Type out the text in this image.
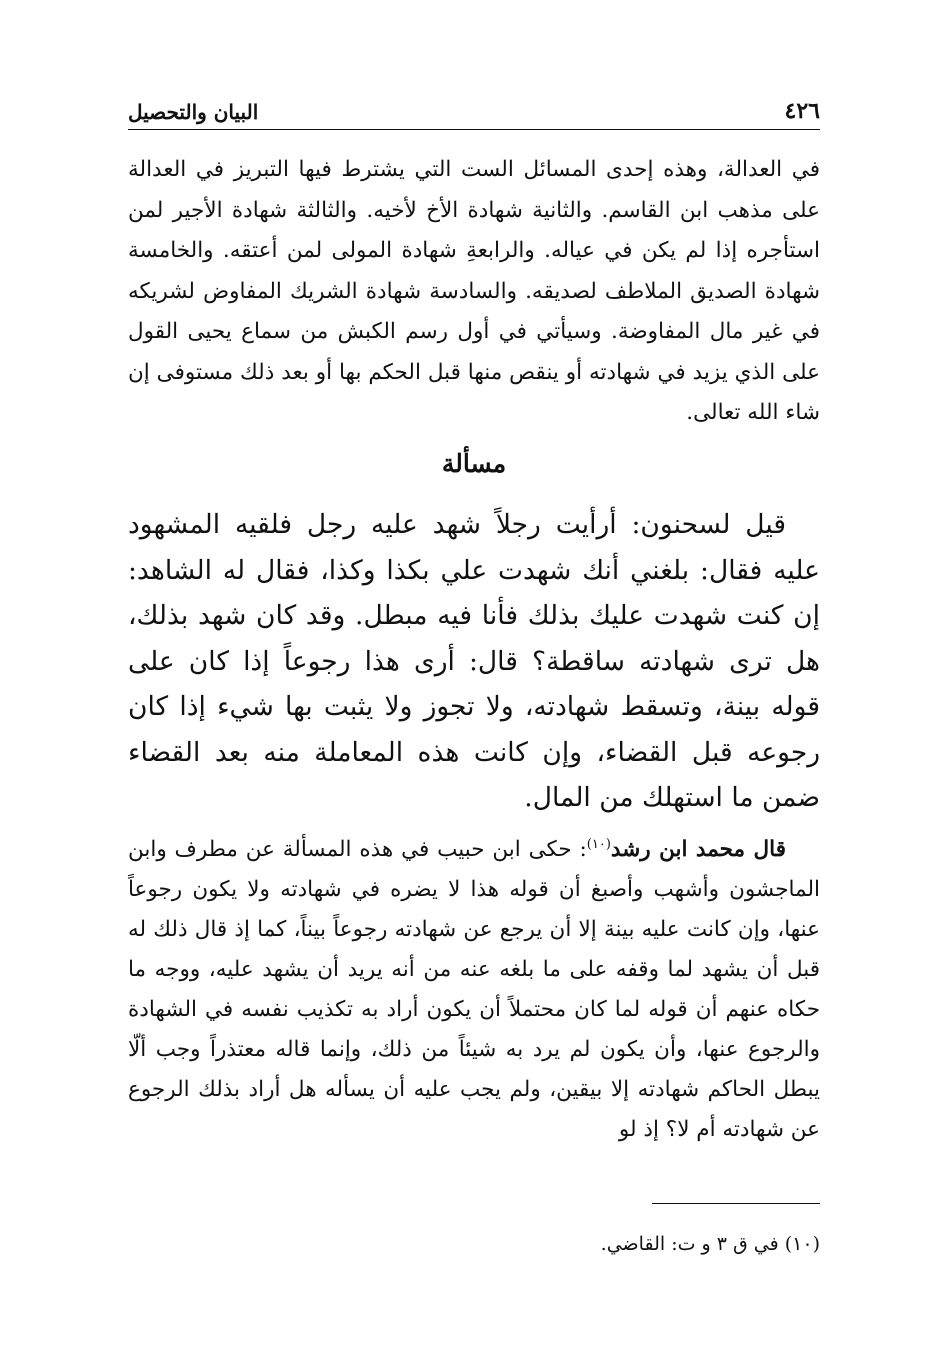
٤٢٦
البيان والتحصيل

في العدالة، وهذه إحدى المسائل الست التي يشترط فيها التبريز في العدالة على مذهب ابن القاسم. والثانية شهادة الأخ لأخيه. والثالثة شهادة الأجير لمن استأجره إذا لم يكن في عياله. والرابعةِ شهادة المولى لمن أعتقه. والخامسة شهادة الصديق الملاطف لصديقه. والسادسة شهادة الشريك المفاوض لشريكه في غير مال المفاوضة. وسيأتي في أول رسم الكبش من سماع يحيى القول على الذي يزيد في شهادته أو ينقص منها قبل الحكم بها أو بعد ذلك مستوفى إن شاء الله تعالى.

مسألة

قيل لسحنون: أرأيت رجلاً شهد عليه رجل فلقيه المشهود عليه فقال: بلغني أنك شهدت علي بكذا وكذا، فقال له الشاهد: إن كنت شهدت عليك بذلك فأنا فيه مبطل. وقد كان شهد بذلك، هل ترى شهادته ساقطة؟ قال: أرى هذا رجوعاً إذا كان على قوله بينة، وتسقط شهادته، ولا تجوز ولا يثبت بها شيء إذا كان رجوعه قبل القضاء، وإن كانت هذه المعاملة منه بعد القضاء ضمن ما استهلك من المال.

قال محمد ابن رشد$^{(١٠)}$: حكى ابن حبيب في هذه المسألة عن مطرف وابن الماجشون وأشهب وأصبغ أن قوله هذا لا يضره في شهادته ولا يكون رجوعاً عنها، وإن كانت عليه بينة إلا أن يرجع عن شهادته رجوعاً بيناً، كما إذ قال ذلك له قبل أن يشهد لما وقفه على ما بلغه عنه من أنه يريد أن يشهد عليه، ووجه ما حكاه عنهم أن قوله لما كان محتملاً أن يكون أراد به تكذيب نفسه في الشهادة والرجوع عنها، وأن يكون لم يرد به شيئاً من ذلك، وإنما قاله معتذراً وجب ألّا يبطل الحاكم شهادته إلا بيقين، ولم يجب عليه أن يسأله هل أراد بذلك الرجوع عن شهادته أم لا؟ إذ لو

(١٠) في ق ٣ و ت: القاضي.
